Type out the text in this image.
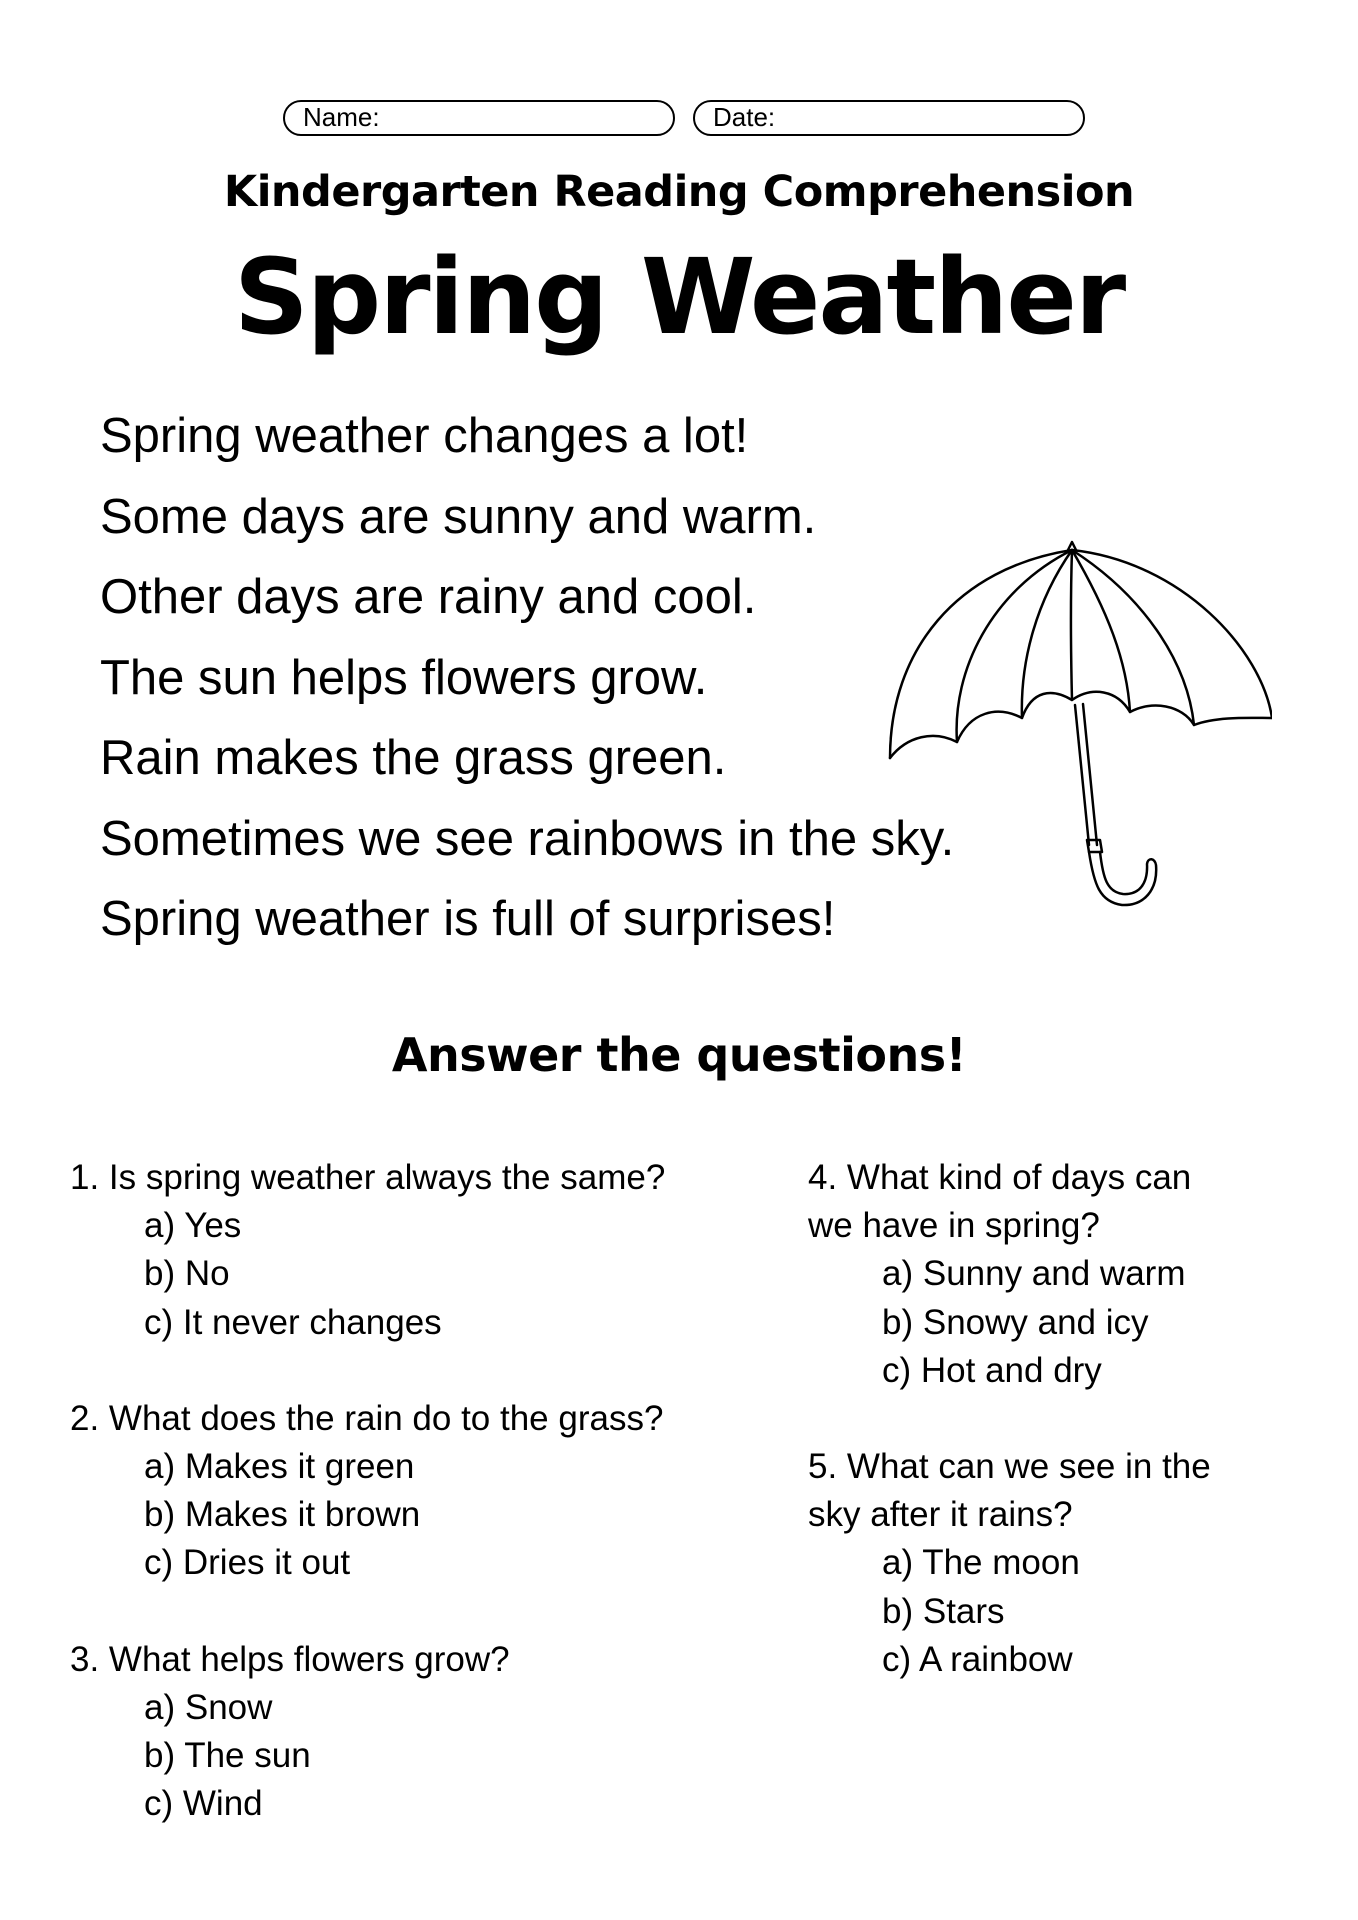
Name:	Date:
Kindergarten Reading Comprehension
Spring Weather
Spring weather changes a lot!
Some days are sunny and warm.
Other days are rainy and cool.
The sun helps flowers grow.
Rain makes the grass green.
Sometimes we see rainbows in the sky.
Spring weather is full of surprises!
Answer the questions!
1. Is spring weather always the same?
a) Yes
b) No
c) It never changes
2. What does the rain do to the grass?
a) Makes it green
b) Makes it brown
c) Dries it out
3. What helps flowers grow?
a) Snow
b) The sun
c) Wind
4. What kind of days can
we have in spring?
a) Sunny and warm
b) Snowy and icy
c) Hot and dry
5. What can we see in the
sky after it rains?
a) The moon
b) Stars
c) A rainbow
